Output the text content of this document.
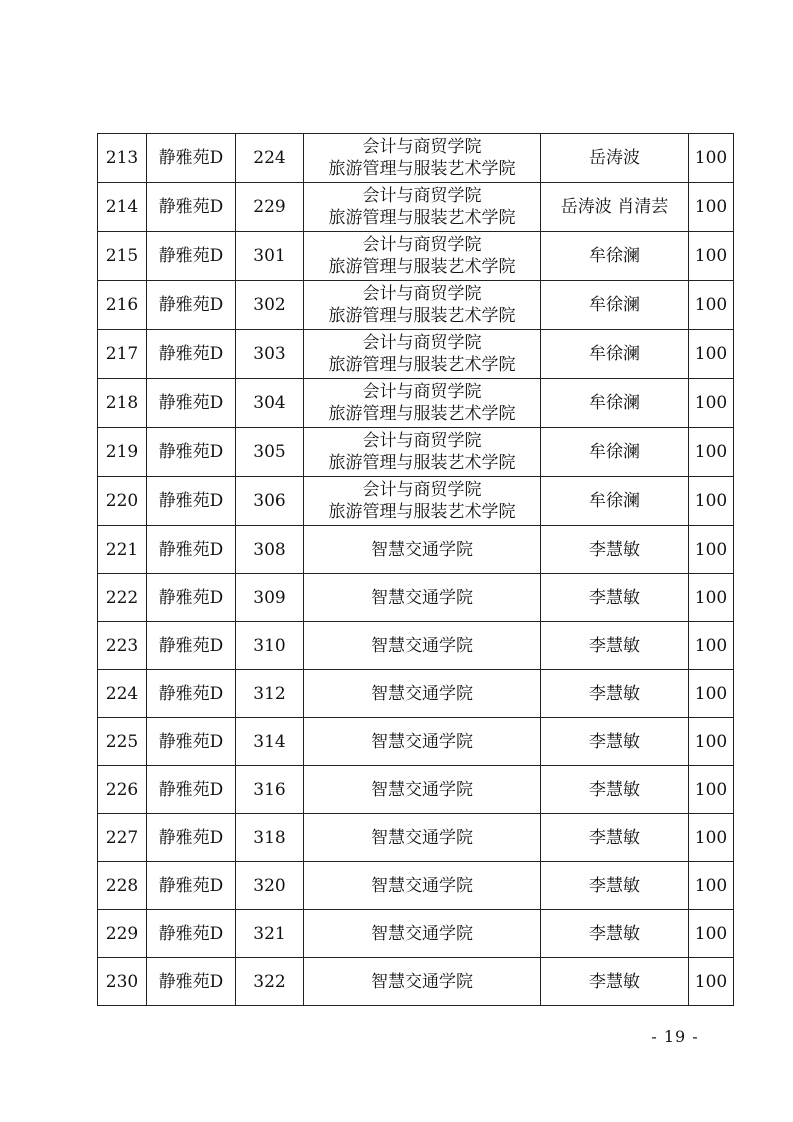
213	静雅苑D	224	会计与商贸学院
旅游管理与服装艺术学院	岳涛波	100
214	静雅苑D	229	会计与商贸学院
旅游管理与服装艺术学院	岳涛波 肖清芸	100
215	静雅苑D	301	会计与商贸学院
旅游管理与服装艺术学院	牟徐澜	100
216	静雅苑D	302	会计与商贸学院
旅游管理与服装艺术学院	牟徐澜	100
217	静雅苑D	303	会计与商贸学院
旅游管理与服装艺术学院	牟徐澜	100
218	静雅苑D	304	会计与商贸学院
旅游管理与服装艺术学院	牟徐澜	100
219	静雅苑D	305	会计与商贸学院
旅游管理与服装艺术学院	牟徐澜	100
220	静雅苑D	306	会计与商贸学院
旅游管理与服装艺术学院	牟徐澜	100
221	静雅苑D	308	智慧交通学院	李慧敏	100
222	静雅苑D	309	智慧交通学院	李慧敏	100
223	静雅苑D	310	智慧交通学院	李慧敏	100
224	静雅苑D	312	智慧交通学院	李慧敏	100
225	静雅苑D	314	智慧交通学院	李慧敏	100
226	静雅苑D	316	智慧交通学院	李慧敏	100
227	静雅苑D	318	智慧交通学院	李慧敏	100
228	静雅苑D	320	智慧交通学院	李慧敏	100
229	静雅苑D	321	智慧交通学院	李慧敏	100
230	静雅苑D	322	智慧交通学院	李慧敏	100
- 19 -
